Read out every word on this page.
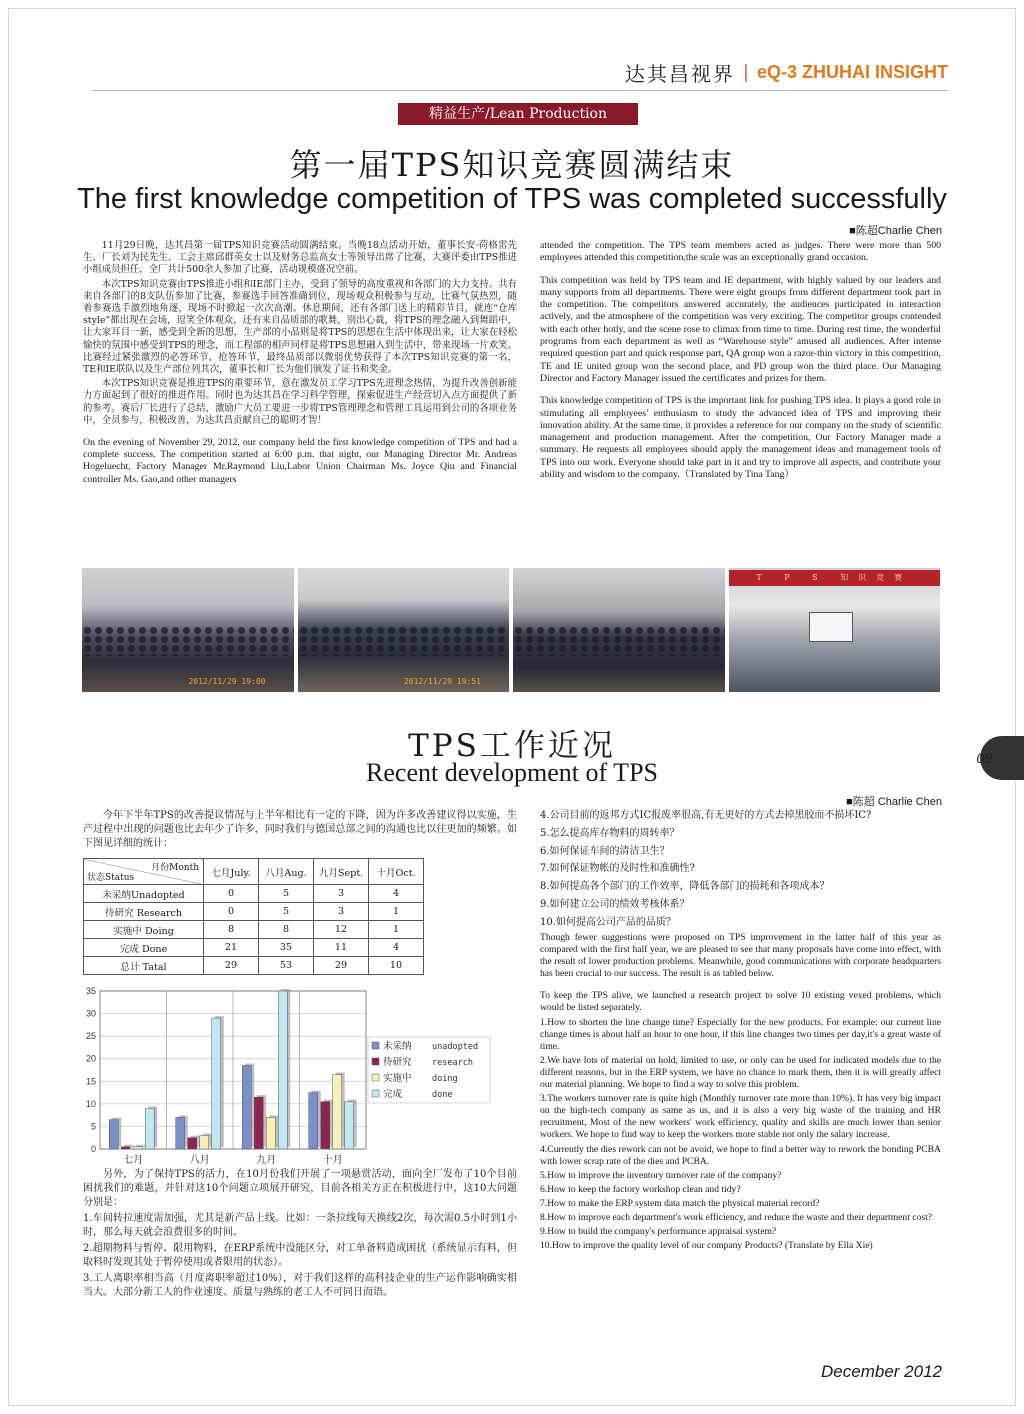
达其昌视界 | eQ-3 ZHUHAI INSIGHT
精益生产/Lean Production
第一届TPS知识竞赛圆满结束
The first knowledge competition of TPS was completed successfully
■陈超Charlie Chen

11月29日晚，达其昌第一届TPS知识竞赛活动圆满结束。当晚18点活动开始，董事长安·荷格雷先生、厂长刘为民先生、工会主席邱群英女士以及财务总监高女士等领导出席了比赛，大赛评委由TPS推进小组成员担任，全厂共计500余人参加了比赛，活动规模盛况空前。

本次TPS知识竞赛由TPS推进小组和IE部门主办，受到了领导的高度重视和各部门的大力支持。共有来自各部门的8支队伍参加了比赛，参赛选手回答准确到位，现场观众积极参与互动，比赛气氛热烈，随着参赛选手激烈地角逐，现场不时掀起一次次高潮。休息期间，还有各部门送上的精彩节目，就连“仓库style”都出现在会场，逗笑全体观众，还有来自品质部的歌舞，别出心裁，将TPS的理念融入到舞蹈中，让大家耳目一新，感受到全新的思想，生产部的小品则是将TPS的思想在生活中体现出来，让大家在轻松愉快的氛围中感受到TPS的理念，而工程部的相声同样是将TPS思想融入到生活中，带来现场一片欢笑。比赛经过紧张激烈的必答环节、抢答环节，最终品质部以微弱优势获得了本次TPS知识竞赛的第一名，TE和IE联队以及生产部位列其次，董事长和厂长为他们颁发了证书和奖金。

本次TPS知识竞赛是推进TPS的重要环节，意在激发员工学习TPS先进理念热情，为提升改善创新能力方面起到了很好的推进作用。同时也为达其昌在学习科学管理，探索促进生产经营切入点方面提供了新的参考。赛后厂长进行了总结，激励广大员工要进一步将TPS管理理念和管理工具运用到公司的各项业务中，全员参与，积极改善，为达其昌贡献自己的聪明才智！

On the evening of November 29, 2012, our company held the first knowledge competition of TPS and had a complete success. The competition started at 6:00 p.m. that night, our Managing Director Mr. Andreas Hogeluecht, Factory Manager Mr.Raymond Liu,Labor Union Chairman Ms. Joyce Qiu and Financial controller Ms. Gao,and other managers

attended the competition. The TPS team members acted as judges. There were more than 500 employees attended this competition,the scale was an exceptionally grand occasion.

This competition was held by TPS team and IE department, with highly valued by our leaders and many supports from all departments. There were eight groups from different department took part in the competition. The competitors answered accurately, the audiences participated in interaction actively, and the atmosphere of the competition was very exciting. The competitor groups contended with each other hotly, and the scene rose to climax from time to time. During rest time, the wonderful programs from each department as well as “Warehouse style” amused all audiences. After intense required question part and quick response part, QA group won a razor-thin victory in this competition, TE and IE united group won the second place, and PD group won the third place. Our Managing Director and Factory Manager issued the certificates and prizes for them.

This knowledge competition of TPS is the important link for pushing TPS idea. It plays a good role in stimulating all employees’ enthusiasm to study the advanced idea of TPS and improving their innovation ability. At the same time, it provides a reference for our company on the study of scientific management and production management. After the competition, Our Factory Manager made a summary. He requests all employees should apply the management ideas and management tools of TPS into our work. Everyone should take part in it and try to improve all aspects, and contribute your ability and wisdom to the company.（Translated by Tina Tang）

2012/11/29 19:00	2012/11/29 19:51
T P S 知识竞赛
TPS工作近况
Recent development of TPS
■陈超 Charlie Chen
09

今年下半年TPS的改善提议情况与上半年相比有一定的下降，因为许多改善建议得以实施，生产过程中出现的问题也比去年少了许多，同时我们与德国总部之间的沟通也比以往更加的频繁。如下图见详细的统计：

月份Month
状态Status	七月July.	八月Aug.	九月Sept.	十月Oct.
未采纳Unadopted	0	5	3	4
待研究 Research	0	5	3	1
实施中 Doing	8	8	12	1
完成 Done	21	35	11	4
总计 Tatal	29	53	29	10
0
5
10
15
20
25
30
35
七月	八月	九月	十月
未采纳 unadopted
待研究 research
实施中 doing
完成	done

另外，为了保持TPS的活力，在10月份我们开展了一项悬赏活动，面向全厂发布了10个目前困扰我们的难题，并针对这10个问题立项展开研究，目前各相关方正在积极进行中，这10大问题分别是：

1.车间转拉速度需加强，尤其是新产品上线。比如：一条拉线每天换线2次，每次需0.5小时到1小时，那么每天就会浪费很多的时间。

2.超期物料与暂停、限用物料，在ERP系统中没能区分，对工单备料造成困扰（系统显示有料，但取料时发现其处于暂停使用或者限用的状态）。

3.工人离职率相当高（月度离职率超过10%），对于我们这样的高科技企业的生产运作影响确实相当大。大部分新工人的作业速度、质量与熟练的老工人不可同日而语。

4.公司目前的返邦方式IC报废率很高,有无更好的方式去掉黑胶而不损坏IC?

5.怎么提高库存物料的周转率？

6.如何保证车间的清洁卫生？

7.如何保证物帐的及时性和准确性?

8.如何提高各个部门的工作效率，降低各部门的损耗和各项成本？

9.如何建立公司的绩效考核体系？

10.如何提高公司产品的品质？

Though fewer suggestions were proposed on TPS improvement in the latter half of this year as compared with the first half year, we are pleased to see that many proposals have come into effect, with the result of lower production problems. Meanwhile, good communications with corporate headquarters has been crucial to our success. The result is as tabled below.

To keep the TPS alive, we launched a research project to solve 10 existing vexed problems, which would be listed separately.

1.How to shorten the line change time? Especially for the new products. For example: our current line change times is about half an hour to one hour, if this line changes two times per day,it's a great waste of time.

2.We have lots of material on hold, limited to use, or only can be used for indicated models due to the different reasons, but in the ERP system, we have no chance to mark them, then it is will greatly affect our material planning. We hope to find a way to solve this problem.

3.The workers turnover rate is quite high (Monthly turnover rate more than 10%). It has very big impact on the high-tech company as same as us, and it is also a very big waste of the training and HR recruitment, Most of the new workers' work efficiency, quality and skills are much lower than senior workers. We hope to find way to keep the workers more stable not only the salary increase.

4.Currently the dies rework can not be avoid, we hope to find a better way to rework the bonding PCBA with lower scrap rate of the dies and PCBA.

5.How to improve the inventory turnover rate of the company?

6.How to keep the factory workshop clean and tidy?

7.How to make the ERP system data match the physical material record?

8.How to improve each department's work efficiency, and reduce the waste and their department cost?

9.How to build the company's performance appraisal system?

10.How to improve the quality level of our company Products? (Translate by Ella Xie)

December 2012
